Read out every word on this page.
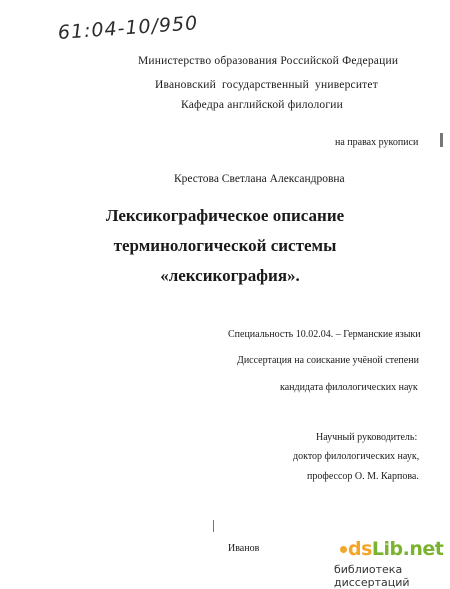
61:04-10/950
Министерство образования Российской Федерации
Ивановский государственный университет
Кафедра английской филологии
на правах рукописи
Крестова Светлана Александровна
Лексикографическое описание
терминологической системы
«лексикография».
Специальность 10.02.04. – Германские языки
Диссертация на соискание учёной степени
кандидата филологических наук
Научный руководитель:
доктор филологических наук,
профессор О. М. Карпова.
Иванов	dsLib.net
библиотека диссертаций
